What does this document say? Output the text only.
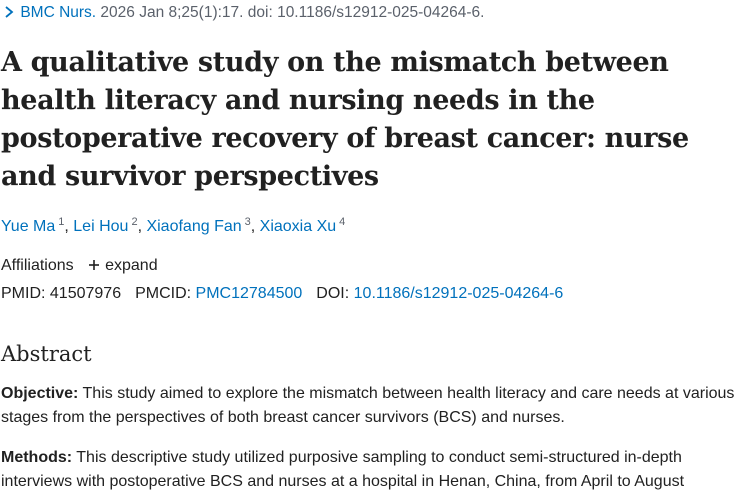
BMC Nurs. 2026 Jan 8;25(1):17. doi: 10.1186/s12912-025-04264-6.
A qualitative study on the mismatch between health literacy and nursing needs in the postoperative recovery of breast cancer: nurse and survivor perspectives
Yue Ma $^1$, Lei Hou $^2$, Xiaofang Fan $^3$, Xiaoxia Xu $^4$
Affiliations expand
PMID: 41507976 PMCID: PMC12784500 DOI: 10.1186/s12912-025-04264-6
Abstract

Objective: This study aimed to explore the mismatch between health literacy and care needs at various stages from the perspectives of both breast cancer survivors (BCS) and nurses.

Methods: This descriptive study utilized purposive sampling to conduct semi-structured in-depth interviews with postoperative BCS and nurses at a hospital in Henan, China, from April to August
